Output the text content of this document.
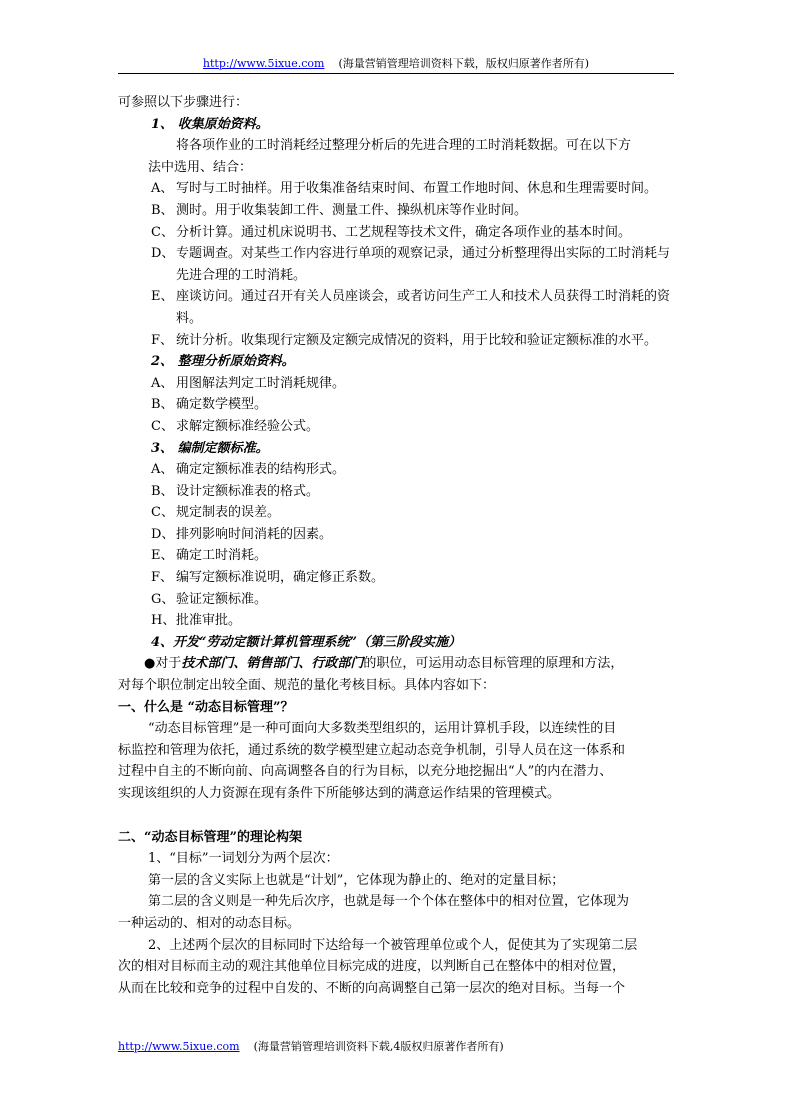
http://www.5ixue.com (海量营销管理培训资料下载，版权归原著作者所有)
可参照以下步骤进行：
1、 收集原始资料。
将各项作业的工时消耗经过整理分析后的先进合理的工时消耗数据。可在以下方
法中选用、结合：
A、 写时与工时抽样。用于收集准备结束时间、布置工作地时间、休息和生理需要时间。
B、 测时。用于收集装卸工件、测量工件、操纵机床等作业时间。
C、 分析计算。通过机床说明书、工艺规程等技术文件，确定各项作业的基本时间。
D、 专题调查。对某些工作内容进行单项的观察记录，通过分析整理得出实际的工时消耗与先进合理的工时消耗。
E、 座谈访问。通过召开有关人员座谈会，或者访问生产工人和技术人员获得工时消耗的资料。
F、 统计分析。收集现行定额及定额完成情况的资料，用于比较和验证定额标准的水平。
2、 整理分析原始资料。
A、 用图解法判定工时消耗规律。
B、 确定数学模型。
C、 求解定额标准经验公式。
3、 编制定额标准。
A、 确定定额标准表的结构形式。
B、 设计定额标准表的格式。
C、 规定制表的误差。
D、 排列影响时间消耗的因素。
E、 确定工时消耗。
F、 编写定额标准说明，确定修正系数。
G、 验证定额标准。
H、 批准审批。
4、开发“劳动定额计算机管理系统”（第三阶段实施）
●对于技术部门、销售部门、行政部门的职位，可运用动态目标管理的原理和方法，
对每个职位制定出较全面、规范的量化考核目标。具体内容如下：
一、什么是 “动态目标管理”？
“动态目标管理”是一种可面向大多数类型组织的，运用计算机手段，以连续性的目
标监控和管理为依托，通过系统的数学模型建立起动态竞争机制，引导人员在这一体系和
过程中自主的不断向前、向高调整各自的行为目标，以充分地挖掘出“人”的内在潜力、
实现该组织的人力资源在现有条件下所能够达到的满意运作结果的管理模式。
二、“动态目标管理”的理论构架
1、“目标”一词划分为两个层次：
第一层的含义实际上也就是“计划”，它体现为静止的、绝对的定量目标；
第二层的含义则是一种先后次序，也就是每一个个体在整体中的相对位置，它体现为
一种运动的、相对的动态目标。
2、上述两个层次的目标同时下达给每一个被管理单位或个人，促使其为了实现第二层
次的相对目标而主动的观注其他单位目标完成的进度，以判断自己在整体中的相对位置，
从而在比较和竞争的过程中自发的、不断的向高调整自己第一层次的绝对目标。当每一个
http://www.5ixue.com (海量营销管理培训资料下载,4版权归原著作者所有)
